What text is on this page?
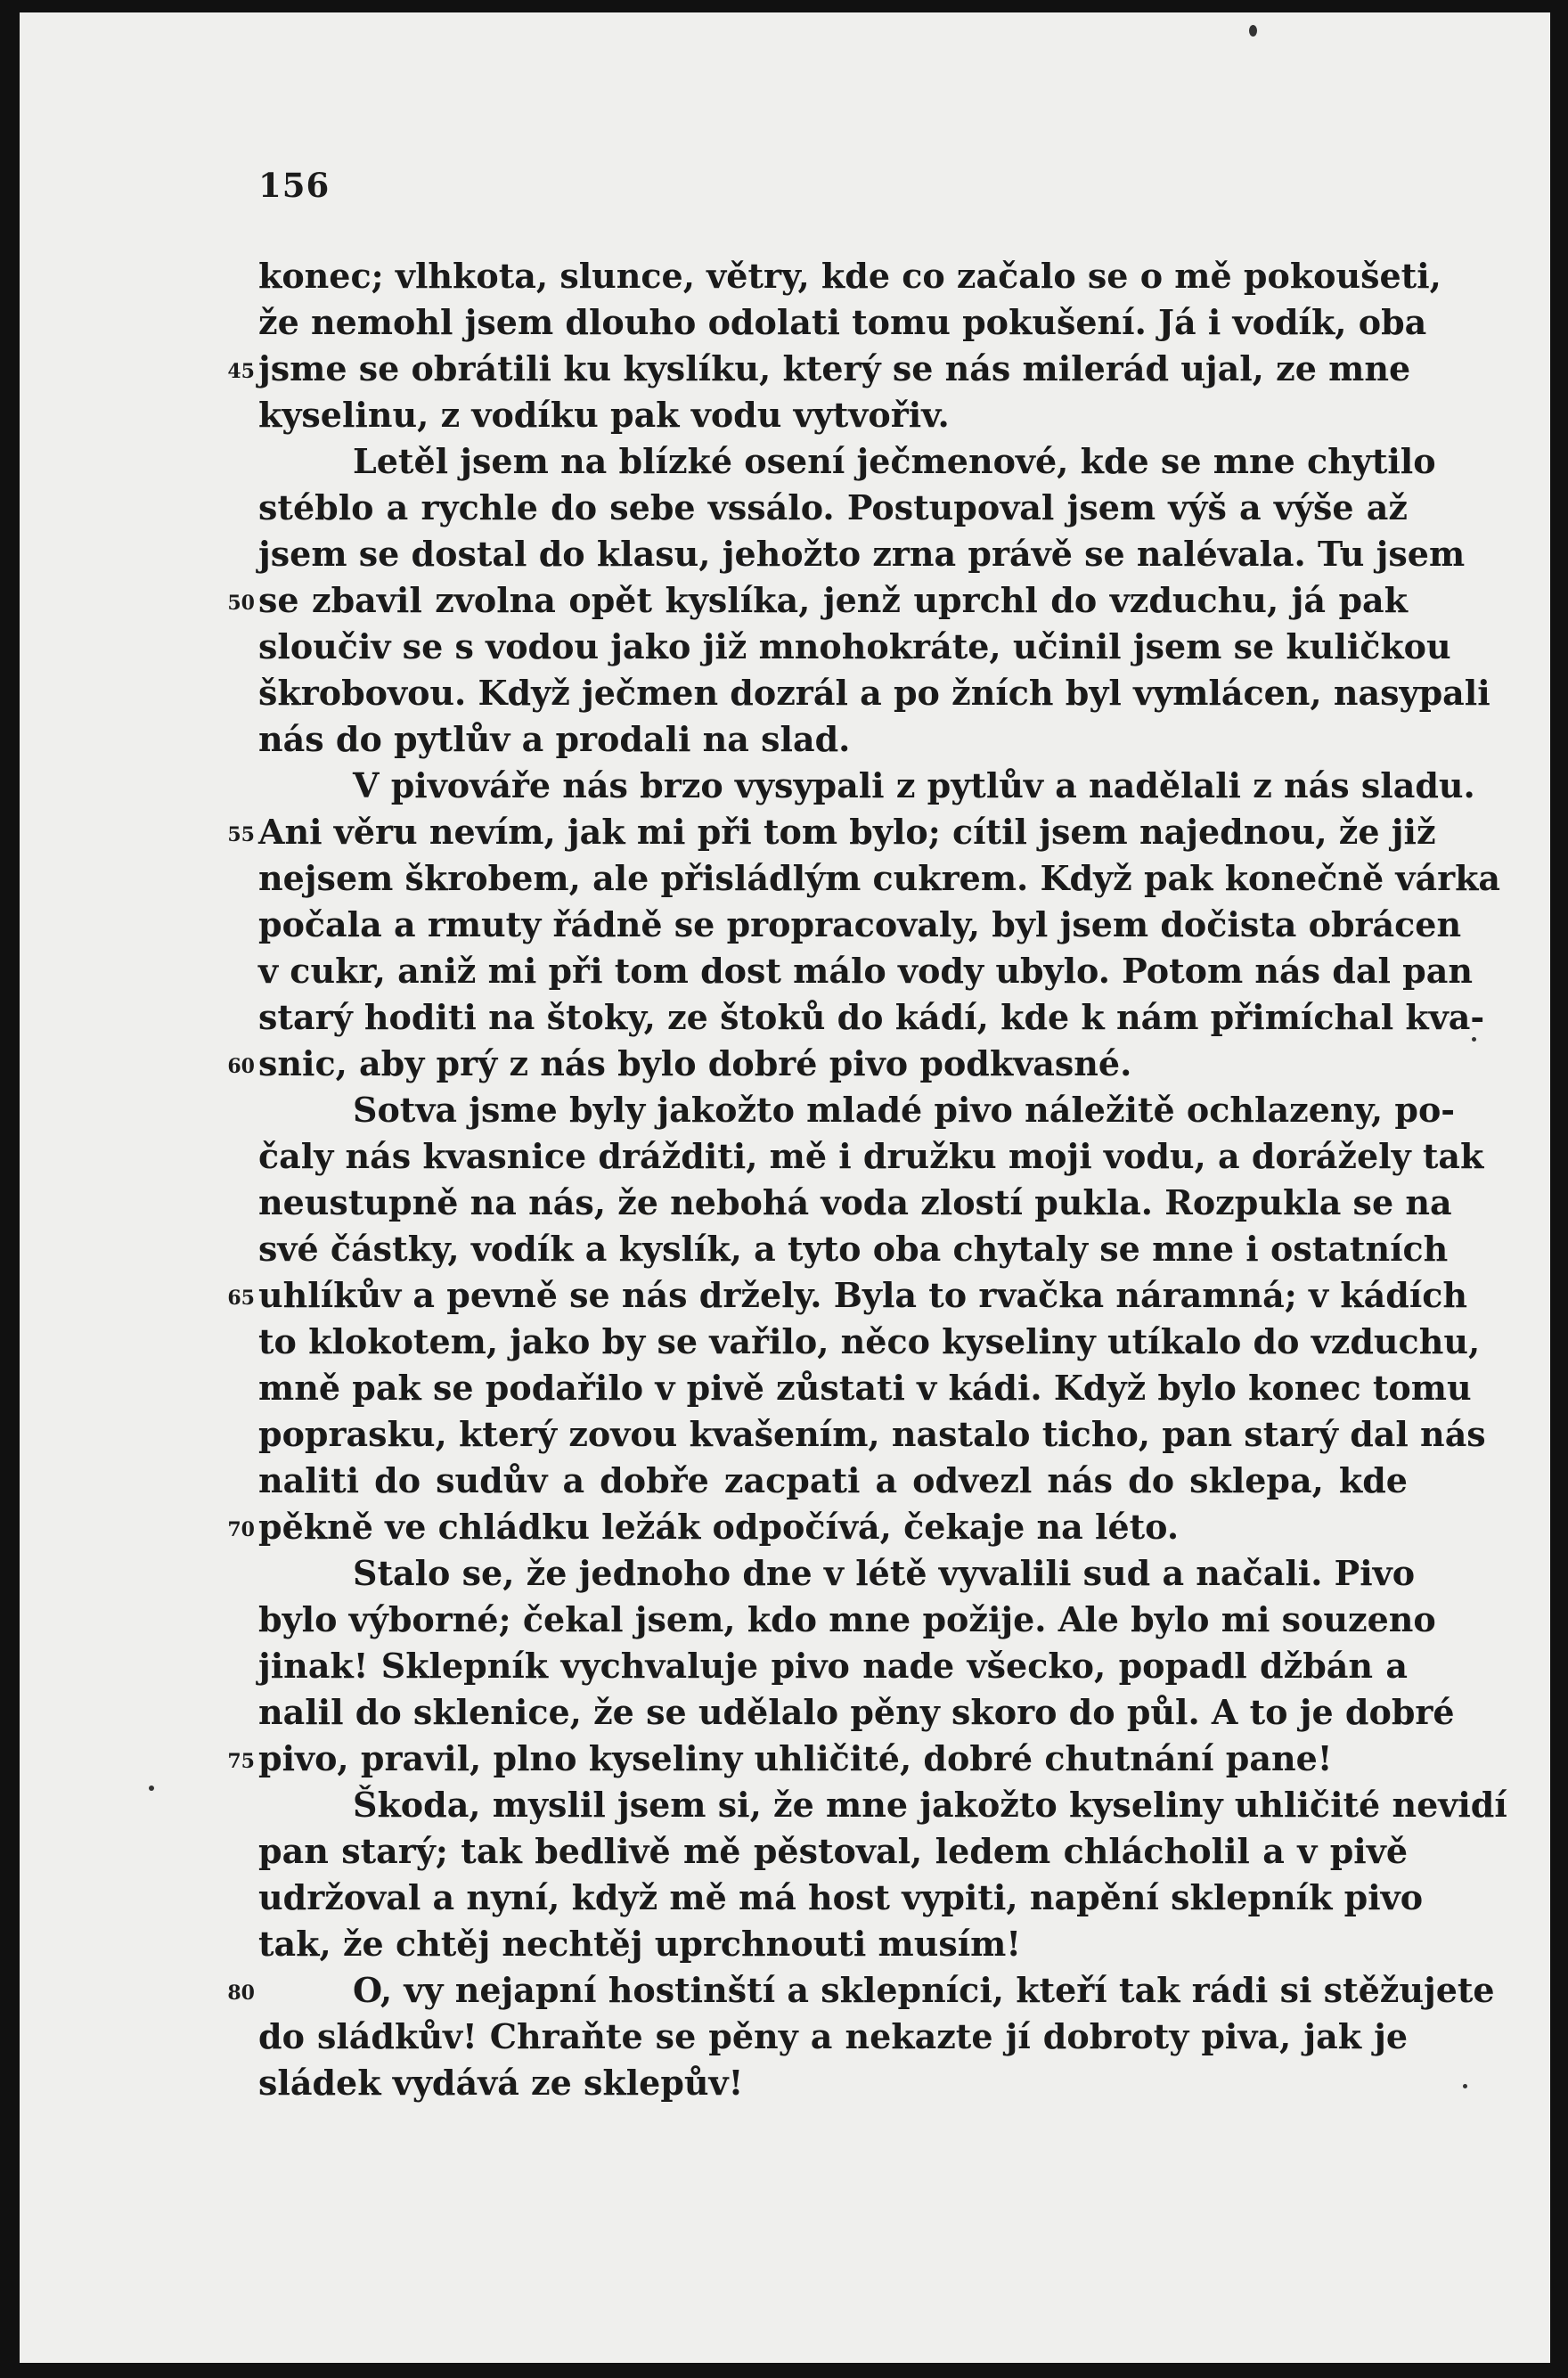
156
konec; vlhkota, slunce, větry, kde co začalo se o mě pokoušeti,
že nemohl jsem dlouho odolati tomu pokušení. Já i vodík, oba
jsme se obrátili ku kyslíku, který se nás milerád ujal, ze mne
45
kyselinu, z vodíku pak vodu vytvořiv.
Letěl jsem na blízké osení ječmenové, kde se mne chytilo
stéblo a rychle do sebe vssálo. Postupoval jsem výš a výše až
jsem se dostal do klasu, jehožto zrna právě se nalévala. Tu jsem
se zbavil zvolna opět kyslíka, jenž uprchl do vzduchu, já pak
50
sloučiv se s vodou jako již mnohokráte, učinil jsem se kuličkou
škrobovou. Když ječmen dozrál a po žních byl vymlácen, nasypali
nás do pytlův a prodali na slad.
V pivováře nás brzo vysypali z pytlův a nadělali z nás sladu.
Ani věru nevím, jak mi při tom bylo; cítil jsem najednou, že již
55
nejsem škrobem, ale přisládlým cukrem. Když pak konečně várka
počala a rmuty řádně se propracovaly, byl jsem dočista obrácen
v cukr, aniž mi při tom dost málo vody ubylo. Potom nás dal pan
starý hoditi na štoky, ze štoků do kádí, kde k nám přimíchal kva-
snic, aby prý z nás bylo dobré pivo podkvasné.
60
Sotva jsme byly jakožto mladé pivo náležitě ochlazeny, po-
čaly nás kvasnice drážditi, mě i družku moji vodu, a dorážely tak
neustupně na nás, že nebohá voda zlostí pukla. Rozpukla se na
své částky, vodík a kyslík, a tyto oba chytaly se mne i ostatních
uhlíkův a pevně se nás držely. Byla to rvačka náramná; v kádích
65
to klokotem, jako by se vařilo, něco kyseliny utíkalo do vzduchu,
mně pak se podařilo v pivě zůstati v kádi. Když bylo konec tomu
poprasku, který zovou kvašením, nastalo ticho, pan starý dal nás
naliti do sudův a dobře zacpati a odvezl nás do sklepa, kde
pěkně ve chládku ležák odpočívá, čekaje na léto.
70
Stalo se, že jednoho dne v létě vyvalili sud a načali. Pivo
bylo výborné; čekal jsem, kdo mne požije. Ale bylo mi souzeno
jinak! Sklepník vychvaluje pivo nade všecko, popadl džbán a
nalil do sklenice, že se udělalo pěny skoro do půl. A to je dobré
pivo, pravil, plno kyseliny uhličité, dobré chutnání pane!
75
Škoda, myslil jsem si, že mne jakožto kyseliny uhličité nevidí
pan starý; tak bedlivě mě pěstoval, ledem chlácholil a v pivě
udržoval a nyní, když mě má host vypiti, napění sklepník pivo
tak, že chtěj nechtěj uprchnouti musím!
O, vy nejapní hostinští a sklepníci, kteří tak rádi si stěžujete
80
do sládkův! Chraňte se pěny a nekazte jí dobroty piva, jak je
sládek vydává ze sklepův!
